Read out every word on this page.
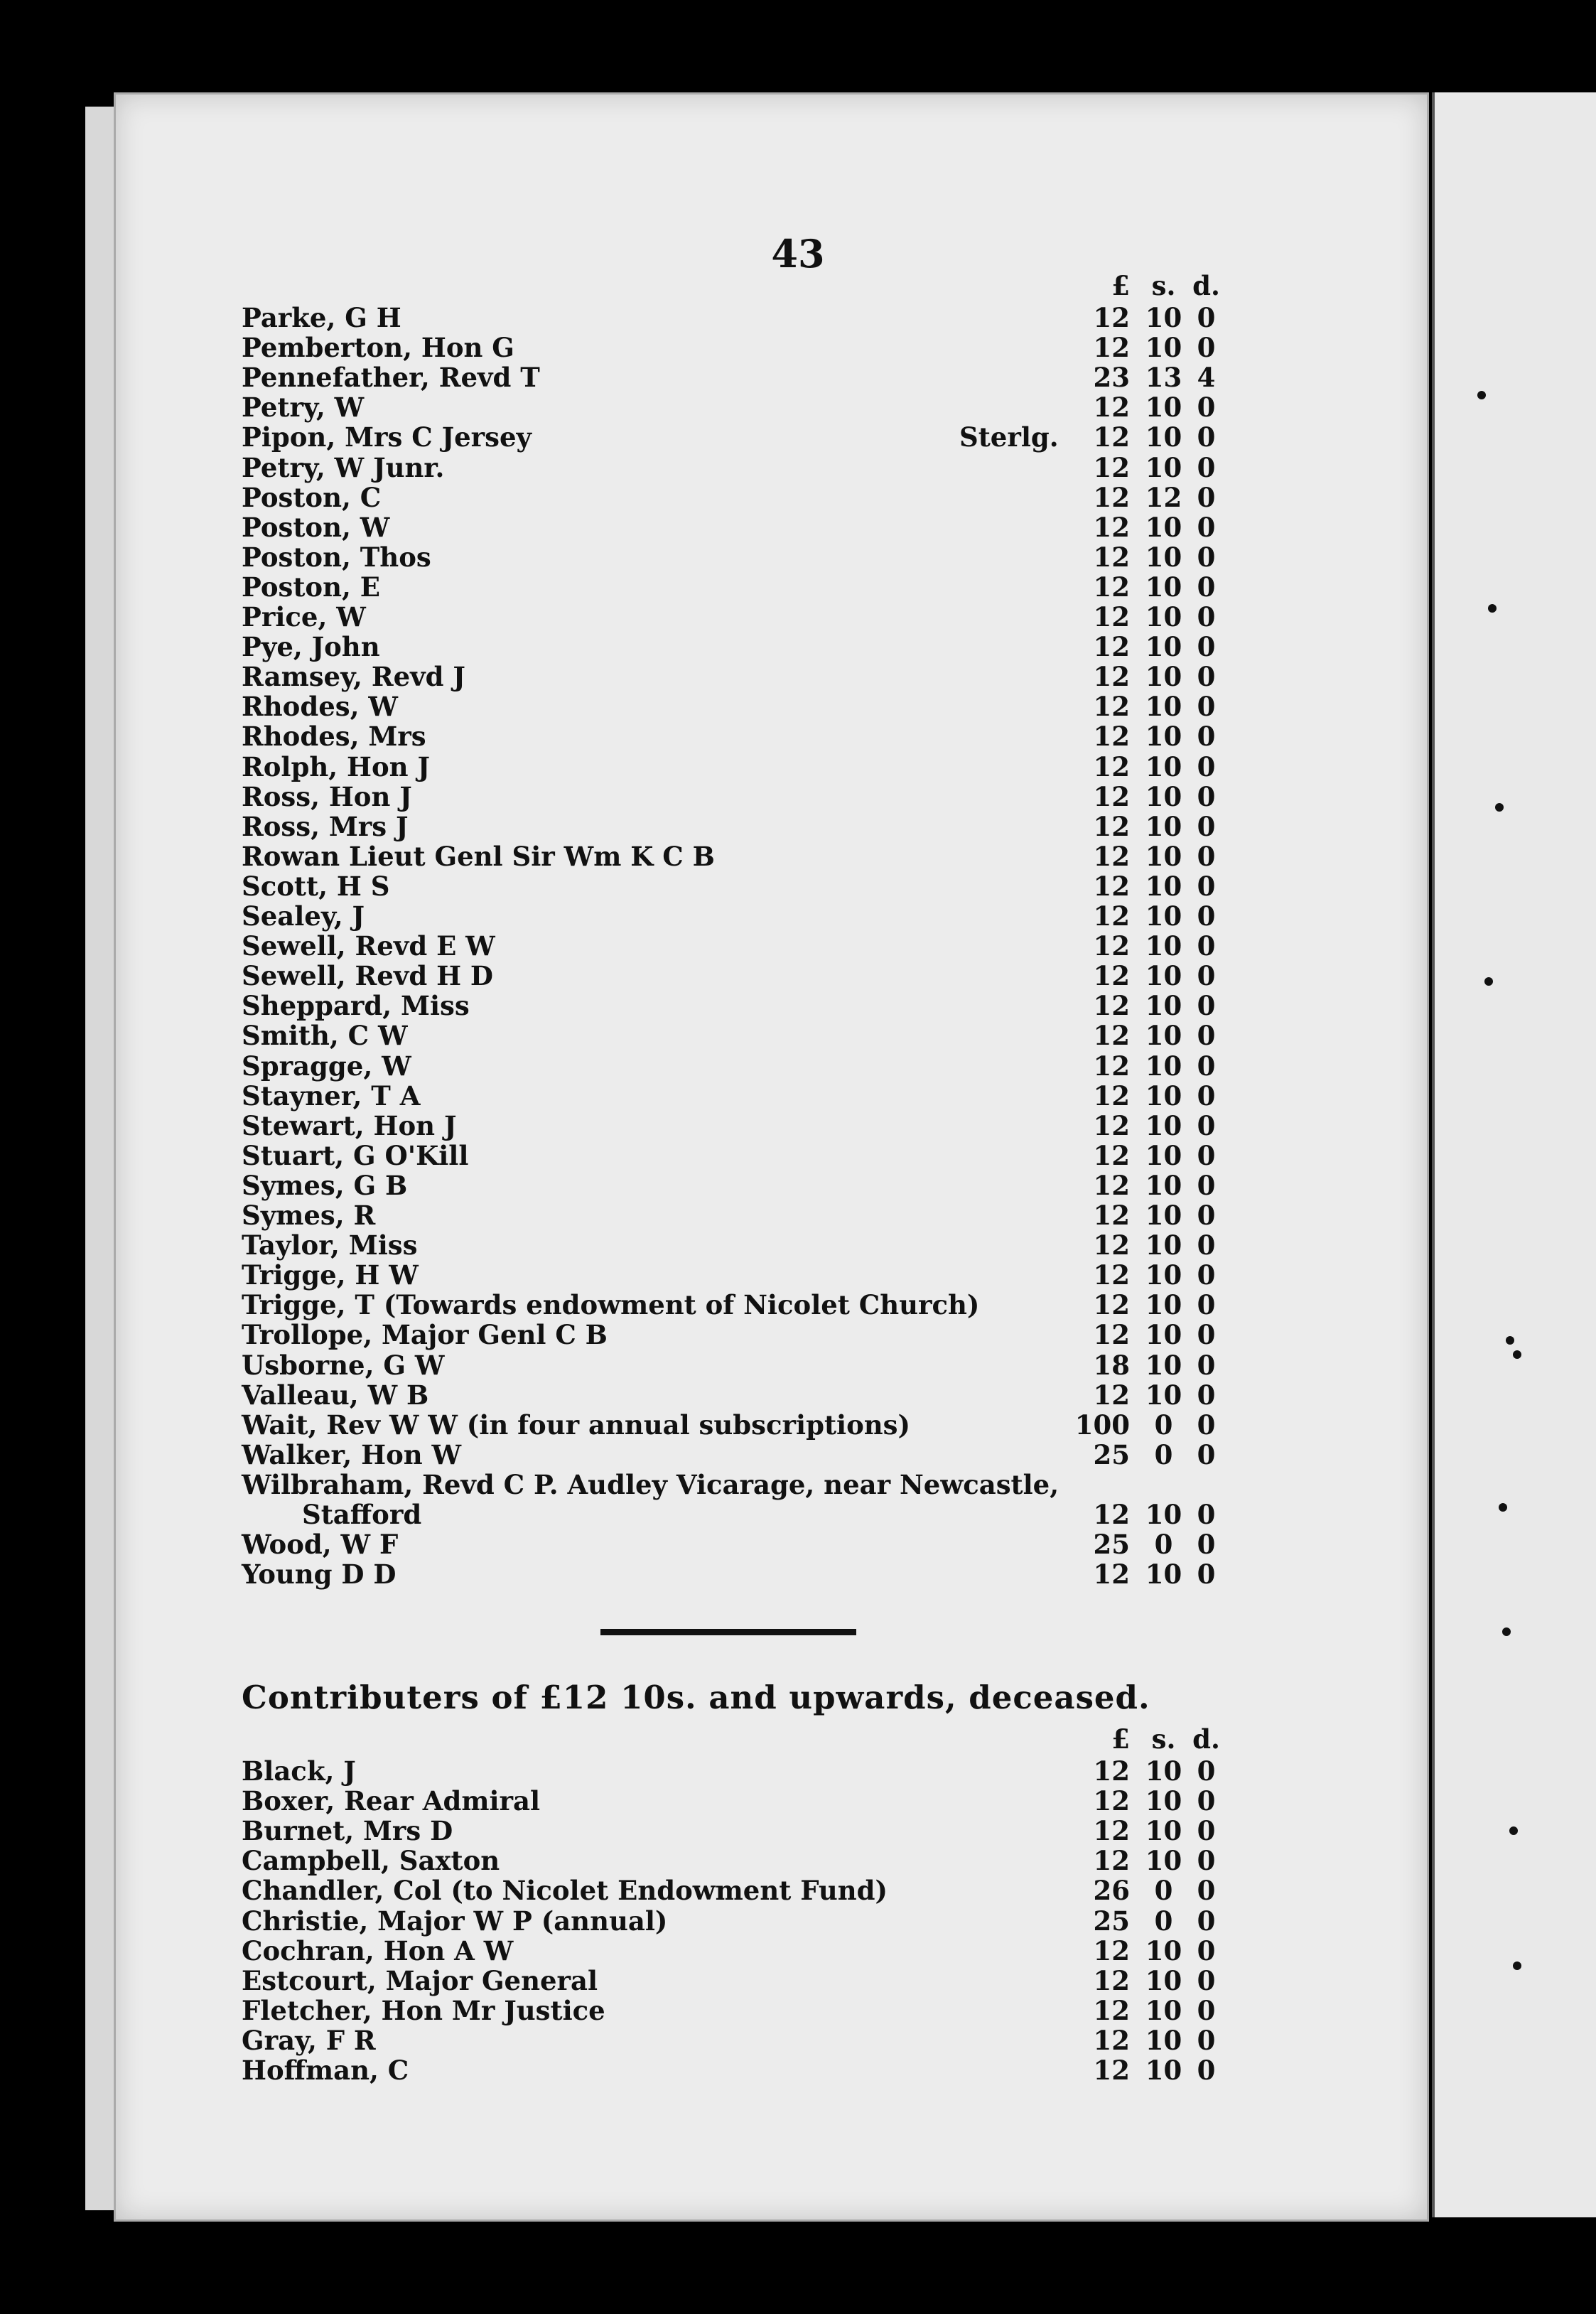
43
£ s. d.
Parke, G H	12 10 0
Pemberton, Hon G	12 10 0
Pennefather, Revd T	23 13 4
Petry, W	12 10 0
Pipon, Mrs C Jersey	Sterlg.	12 10 0
Petry, W Junr.	12 10 0
Poston, C	12 12 0
Poston, W	12 10 0
Poston, Thos	12 10 0
Poston, E	12 10 0
Price, W	12 10 0
Pye, John	12 10 0
Ramsey, Revd J	12 10 0
Rhodes, W	12 10 0
Rhodes, Mrs	12 10 0
Rolph, Hon J	12 10 0
Ross, Hon J	12 10 0
Ross, Mrs J	12 10 0
Rowan Lieut Genl Sir Wm K C B	12 10 0
Scott, H S	12 10 0
Sealey, J	12 10 0
Sewell, Revd E W	12 10 0
Sewell, Revd H D	12 10 0
Sheppard, Miss	12 10 0
Smith, C W	12 10 0
Spragge, W	12 10 0
Stayner, T A	12 10 0
Stewart, Hon J	12 10 0
Stuart, G O'Kill	12 10 0
Symes, G B	12 10 0
Symes, R	12 10 0
Taylor, Miss	12 10 0
Trigge, H W	12 10 0
Trigge, T (Towards endowment of Nicolet Church)	12 10 0
Trollope, Major Genl C B	12 10 0
Usborne, G W	18 10 0
Valleau, W B	12 10 0
Wait, Rev W W (in four annual subscriptions)	100 0 0
Walker, Hon W	25 0 0
Wilbraham, Revd C P. Audley Vicarage, near Newcastle,
Stafford	12 10 0
Wood, W F	25 0 0
Young D D	12 10 0
Contributers of £12 10s. and upwards, deceased.
£ s. d.
Black, J	12 10 0
Boxer, Rear Admiral	12 10 0
Burnet, Mrs D	12 10 0
Campbell, Saxton	12 10 0
Chandler, Col (to Nicolet Endowment Fund)	26 0 0
Christie, Major W P (annual)	25 0 0
Cochran, Hon A W	12 10 0
Estcourt, Major General	12 10 0
Fletcher, Hon Mr Justice	12 10 0
Gray, F R	12 10 0
Hoffman, C	12 10 0
